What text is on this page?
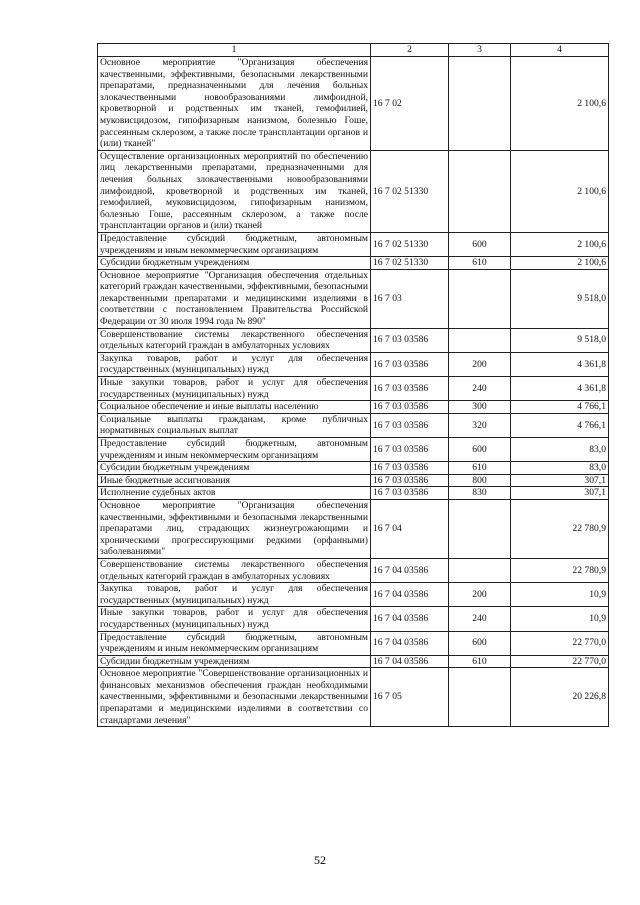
1	2	3	4
Основное мероприятие "Организация обеспечения качественными, эффективными, безопасными лекарственными препаратами, предназначенными для лечения больных злокачественными новообразованиями лимфоидной, кроветворной и родственных им тканей, гемофилией, муковисцидозом, гипофизарным нанизмом, болезнью Гоше, рассеянным склерозом, а также после трансплантации органов и (или) тканей"	16 7 02		2 100,6
Осуществление организационных мероприятий по обеспечению лиц лекарственными препаратами, предназначенными для лечения больных злокачественными новообразованиями лимфоидной, кроветворной и родственных им тканей, гемофилией, муковисцидозом, гипофизарным нанизмом, болезнью Гоше, рассеянным склерозом, а также после трансплантации органов и (или) тканей	16 7 02 51330		2 100,6
Предоставление субсидий бюджетным, автономным учреждениям и иным некоммерческим организациям	16 7 02 51330	600	2 100,6
Субсидии бюджетным учреждениям	16 7 02 51330	610	2 100,6
Основное мероприятие "Организация обеспечения отдельных категорий граждан качественными, эффективными, безопасными лекарственными препаратами и медицинскими изделиями в соответствии с постановлением Правительства Российской Федерации от 30 июля 1994 года № 890"	16 7 03		9 518,0
Совершенствование системы лекарственного обеспечения отдельных категорий граждан в амбулаторных условиях	16 7 03 03586		9 518,0
Закупка товаров, работ и услуг для обеспечения государственных (муниципальных) нужд	16 7 03 03586	200	4 361,8
Иные закупки товаров, работ и услуг для обеспечения государственных (муниципальных) нужд	16 7 03 03586	240	4 361,8
Социальное обеспечение и иные выплаты населению	16 7 03 03586	300	4 766,1
Социальные выплаты гражданам, кроме публичных нормативных социальных выплат	16 7 03 03586	320	4 766,1
Предоставление субсидий бюджетным, автономным учреждениям и иным некоммерческим организациям	16 7 03 03586	600	83,0
Субсидии бюджетным учреждениям	16 7 03 03586	610	83,0
Иные бюджетные ассигнования	16 7 03 03586	800	307,1
Исполнение судебных актов	16 7 03 03586	830	307,1
Основное мероприятие "Организация обеспечения качественными, эффективными и безопасными лекарственными препаратами лиц, страдающих жизнеугрожающими и хроническими прогрессирующими редкими (орфанными) заболеваниями"	16 7 04		22 780,9
Совершенствование системы лекарственного обеспечения отдельных категорий граждан в амбулаторных условиях	16 7 04 03586		22 780,9
Закупка товаров, работ и услуг для обеспечения государственных (муниципальных) нужд	16 7 04 03586	200	10,9
Иные закупки товаров, работ и услуг для обеспечения государственных (муниципальных) нужд	16 7 04 03586	240	10,9
Предоставление субсидий бюджетным, автономным учреждениям и иным некоммерческим организациям	16 7 04 03586	600	22 770,0
Субсидии бюджетным учреждениям	16 7 04 03586	610	22 770,0
Основное мероприятие "Совершенствование организационных и финансовых механизмов обеспечения граждан необходимыми качественными, эффективными и безопасными лекарственными препаратами и медицинскими изделиями в соответствии со стандартами лечения"	16 7 05		20 226,8
52
